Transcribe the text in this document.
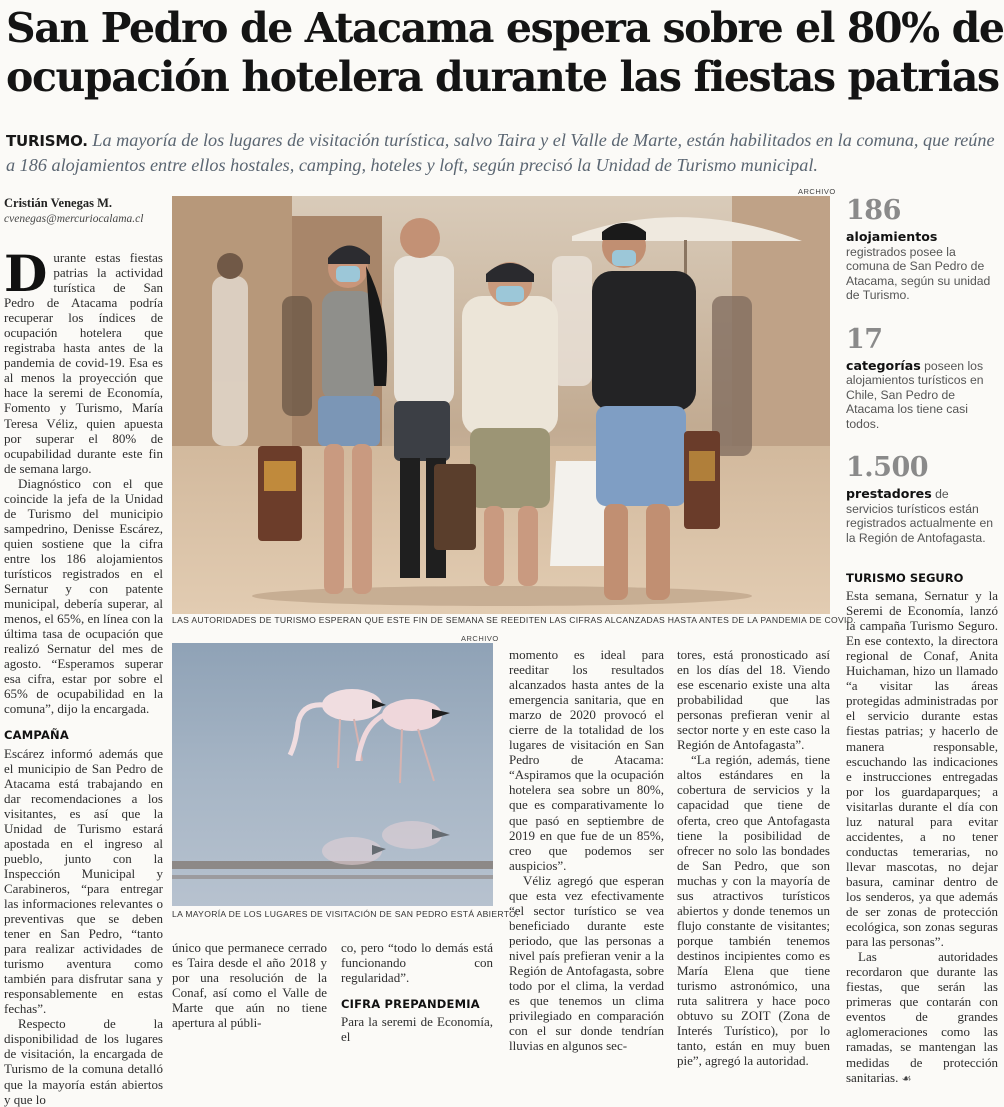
San Pedro de Atacama espera sobre el 80% de
ocupación hotelera durante las fiestas patrias
TURISMO. La mayoría de los lugares de visitación turística, salvo Taira y el Valle de Marte, están habilitados en la comuna, que reúne a 186 alojamientos entre ellos hostales, camping, hoteles y loft, según precisó la Unidad de Turismo municipal.
Cristián Venegas M.
cvenegas@mercuriocalama.cl

Durante estas fiestas patrias la actividad turística de San Pedro de Atacama podría recuperar los índices de ocupación hotelera que registraba hasta antes de la pandemia de covid-19. Esa es al menos la proyección que hace la seremi de Economía, Fomento y Turismo, María Teresa Véliz, quien apuesta por superar el 80% de ocupabilidad durante este fin de semana largo.

Diagnóstico con el que coincide la jefa de la Unidad de Turismo del municipio sampedrino, Denisse Escárez, quien sostiene que la cifra entre los 186 alojamientos turísticos registrados en el Sernatur y con patente municipal, debería superar, al menos, el 65%, en línea con la última tasa de ocupación que realizó Sernatur del mes de agosto. “Esperamos superar esa cifra, estar por sobre el 65% de ocupabilidad en la comuna”, dijo la encargada.

CAMPAÑA

Escárez informó además que el municipio de San Pedro de Atacama está trabajando en dar recomendaciones a los visitantes, es así que la Unidad de Turismo estará apostada en el ingreso al pueblo, junto con la Inspección Municipal y Carabineros, “para entregar las informaciones relevantes o preventivas que se deben tener en San Pedro, “tanto para realizar actividades de turismo aventura como también para disfrutar sana y responsablemente en estas fechas”.

Respecto de la disponibilidad de los lugares de visitación, la encargada de Turismo de la comuna detalló que la mayoría están abiertos y que lo

ARCHIVO
LAS AUTORIDADES DE TURISMO ESPERAN QUE ESTE FIN DE SEMANA SE REEDITEN LAS CIFRAS ALCANZADAS HASTA ANTES DE LA PANDEMIA DE COVID.
ARCHIVO
LA MAYORÍA DE LOS LUGARES DE VISITACIÓN DE SAN PEDRO ESTÁ ABIERTO.

único que permanece cerrado es Taira desde el año 2018 y por una resolución de la Conaf, así como el Valle de Marte que aún no tiene apertura al públi-

co, pero “todo lo demás está funcionando con regularidad”.

CIFRA PREPANDEMIA

Para la seremi de Economía, el

momento es ideal para reeditar los resultados alcanzados hasta antes de la emergencia sanitaria, que en marzo de 2020 provocó el cierre de la totalidad de los lugares de visitación en San Pedro de Atacama: “Aspiramos que la ocupación hotelera sea sobre un 80%, que es comparativamente lo que pasó en septiembre de 2019 en que fue de un 85%, creo que podemos ser auspicios”.

Véliz agregó que esperan que esta vez efectivamente “el sector turístico se vea beneficiado durante este periodo, que las personas a nivel país prefieran venir a la Región de Antofagasta, sobre todo por el clima, la verdad es que tenemos un clima privilegiado en comparación con el sur donde tendrían lluvias en algunos sec-

tores, está pronosticado así en los días del 18. Viendo ese escenario existe una alta probabilidad que las personas prefieran venir al sector norte y en este caso la Región de Antofagasta”.

“La región, además, tiene altos estándares en la cobertura de servicios y la capacidad que tiene de oferta, creo que Antofagasta tiene la posibilidad de ofrecer no solo las bondades de San Pedro, que son muchas y con la mayoría de sus atractivos turísticos abiertos y donde tenemos un flujo constante de visitantes; porque también tenemos destinos incipientes como es María Elena que tiene turismo astronómico, una ruta salitrera y hace poco obtuvo su ZOIT (Zona de Interés Turístico), por lo tanto, están en muy buen pie”, agregó la autoridad.

186
alojamientos registrados posee la comuna de San Pedro de Atacama, según su unidad de Turismo.
17
categorías poseen los alojamientos turísticos en Chile, San Pedro de Atacama los tiene casi todos.
1.500
prestadores de servicios turísticos están registrados actualmente en la Región de Antofagasta.
TURISMO SEGURO

Esta semana, Sernatur y la Seremi de Economía, lanzó la campaña Turismo Seguro. En ese contexto, la directora regional de Conaf, Anita Huichaman, hizo un llamado “a visitar las áreas protegidas administradas por el servicio durante estas fiestas patrias; y hacerlo de manera responsable, escuchando las indicaciones e instrucciones entregadas por los guardaparques; a visitarlas durante el día con luz natural para evitar accidentes, a no tener conductas temerarias, no llevar mascotas, no dejar basura, caminar dentro de los senderos, ya que además de ser zonas de protección ecológica, son zonas seguras para las personas”.

Las autoridades recordaron que durante las fiestas, que serán las primeras que contarán con eventos de grandes aglomeraciones como las ramadas, se mantengan las medidas de protección sanitarias. ☙
